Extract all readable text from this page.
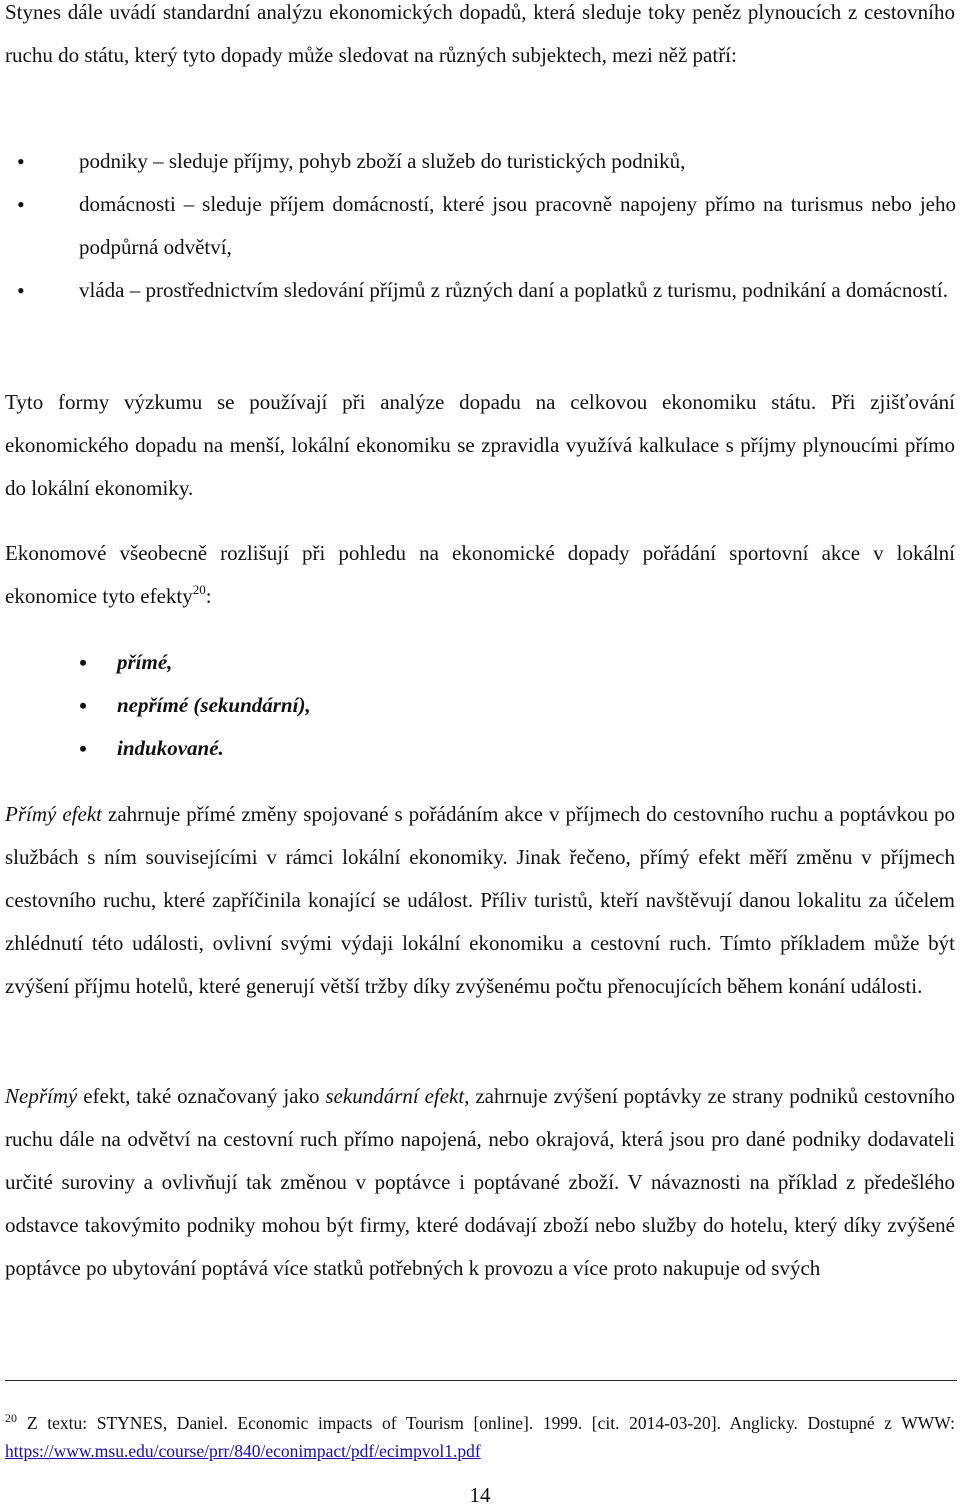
Stynes dále uvádí standardní analýzu ekonomických dopadů, která sleduje toky peněz plynoucích z cestovního ruchu do státu, který tyto dopady může sledovat na různých subjektech, mezi něž patří:

• podniky – sleduje příjmy, pohyb zboží a služeb do turistických podniků,
• domácnosti – sleduje příjem domácností, které jsou pracovně napojeny přímo na turismus nebo jeho podpůrná odvětví,
• vláda – prostřednictvím sledování příjmů z různých daní a poplatků z turismu, podnikání a domácností.

Tyto formy výzkumu se používají při analýze dopadu na celkovou ekonomiku státu. Při zjišťování ekonomického dopadu na menší, lokální ekonomiku se zpravidla využívá kalkulace s příjmy plynoucími přímo do lokální ekonomiky.

Ekonomové všeobecně rozlišují při pohledu na ekonomické dopady pořádání sportovní akce v lokální ekonomice tyto efekty$^{20}$:

• přímé,
• nepřímé (sekundární),
• indukované.

Přímý efekt zahrnuje přímé změny spojované s pořádáním akce v příjmech do cestovního ruchu a poptávkou po službách s ním souvisejícími v rámci lokální ekonomiky. Jinak řečeno, přímý efekt měří změnu v příjmech cestovního ruchu, které zapříčinila konající se událost. Příliv turistů, kteří navštěvují danou lokalitu za účelem zhlédnutí této události, ovlivní svými výdaji lokální ekonomiku a cestovní ruch. Tímto příkladem může být zvýšení příjmu hotelů, které generují větší tržby díky zvýšenému počtu přenocujících během konání události.

Nepřímý efekt, také označovaný jako sekundární efekt, zahrnuje zvýšení poptávky ze strany podniků cestovního ruchu dále na odvětví na cestovní ruch přímo napojená, nebo okrajová, která jsou pro dané podniky dodavateli určité suroviny a ovlivňují tak změnou v poptávce i poptávané zboží. V návaznosti na příklad z předešlého odstavce takovýmito podniky mohou být firmy, které dodávají zboží nebo služby do hotelu, který díky zvýšené poptávce po ubytování poptává více statků potřebných k provozu a více proto nakupuje od svých

$^{20}$ Z textu: STYNES, Daniel. Economic impacts of Tourism [online]. 1999. [cit. 2014-03-20]. Anglicky. Dostupné z WWW: https://www.msu.edu/course/prr/840/econimpact/pdf/ecimpvol1.pdf
14
